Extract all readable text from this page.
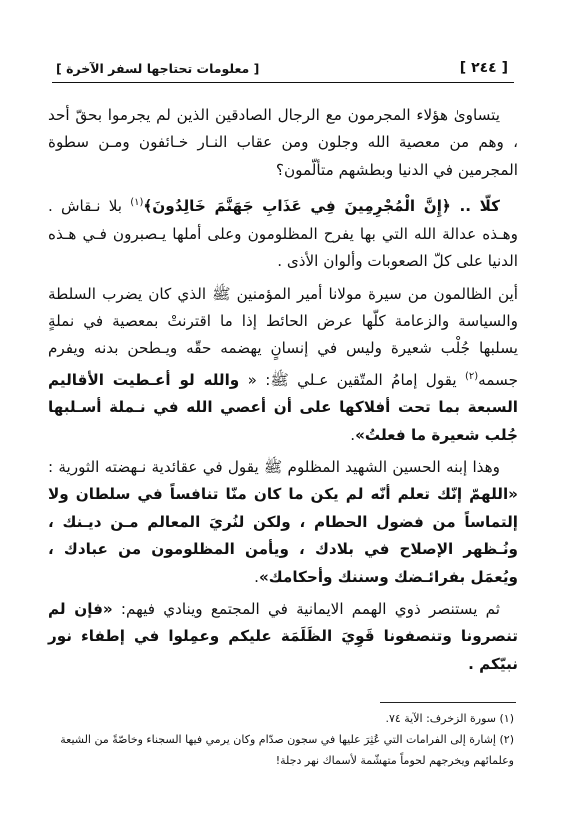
[ معلومات تحتاجها لسفر الآخرة ]	[ ٢٤٤ ]

يتساوىٰ هؤلاء المجرمون مع الرجال الصادقين الذين لم يجرموا بحقّ أحد ، وهم من معصية الله وجلون ومن عقاب النـار خـائفون ومـن سطوة المجرمين في الدنيا وبطشهم متألّمون؟

كلّا .. ﴿إِنَّ الْمُجْرِمِينَ فِي عَذَابِ جَهَنَّمَ خَالِدُونَ﴾$^{(١)}$ بلا نـقاش . وهـذه عدالة الله التي بها يفرح المظلومون وعلى أملها يـصبرون فـي هـذه الدنيا على كلّ الصعوبات وألوان الأذى .

أين الظالمون من سيرة مولانا أمير المؤمنين ﷺ الذي كان يضرب السلطة والسياسة والزعامة كلّها عرض الحائط إذا ما اقترنتْ بمعصية في نملةٍ يسلبها جُلْب شعيرة وليس في إنسانٍ يهضمه حقّه ويـطحن بدنه ويفرم جسمه$^{(٢)}$ يقول إمامُ المتّقين عـلي ﷺ: « والله لو أعـطيت الأقاليم السبعة بما تحت أفلاكها على أن أعصي الله في نـملة أسـلبها جُلب شعيرة ما فعلتُ».

وهذا إبنه الحسين الشهيد المظلوم ﷺ يقول في عقائدية نـهضته الثورية : «اللهمّ إنّك تعلم أنّه لم يكن ما كان منّا تنافساً في سلطان ولا إلتماساً من فضول الحطام ، ولكن لنُريَ المعالم مـن ديـنك ، ونُـظهر الإصلاح في بلادك ، ويأمن المظلومون من عبادك ، ويُعمَل بفرائـضك وسننك وأحكامك».

ثم يستنصر ذوي الهمم الايمانية في المجتمع وينادي فيهم: «فإن لم تنصرونا وتنصفونا قَوِيَ الظَلَمَة عليكم وعمِلوا في إطفاء نور نبيّكم .

(١) سورة الزخرف: الآية ٧٤.
(٢) إشارة إلى الفرامات التي عُثِرَ عليها في سجون صدّام وكان يرمي فيها السجناء وخاصّةً من الشيعة وعلمائهم ويخرجهم لحوماً متهشّمة لأسماك نهر دجلة!
